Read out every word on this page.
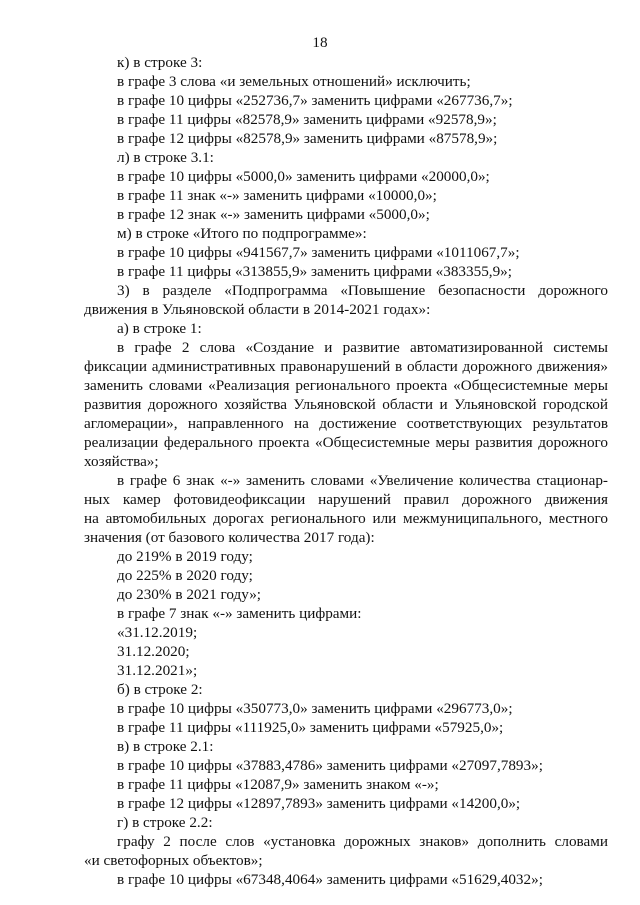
18
к) в строке 3:
в графе 3 слова «и земельных отношений» исключить;
в графе 10 цифры «252736,7» заменить цифрами «267736,7»;
в графе 11 цифры «82578,9» заменить цифрами «92578,9»;
в графе 12 цифры «82578,9» заменить цифрами «87578,9»;
л) в строке 3.1:
в графе 10 цифры «5000,0» заменить цифрами «20000,0»;
в графе 11 знак «-» заменить цифрами «10000,0»;
в графе 12 знак «-» заменить цифрами «5000,0»;
м) в строке «Итого по подпрограмме»:
в графе 10 цифры «941567,7» заменить цифрами «1011067,7»;
в графе 11 цифры «313855,9» заменить цифрами «383355,9»;
3) в разделе «Подпрограмма «Повышение безопасности дорожного
движения в Ульяновской области в 2014-2021 годах»:
а) в строке 1:
в графе 2 слова «Создание и развитие автоматизированной системы
фиксации административных правонарушений в области дорожного движения»
заменить словами «Реализация регионального проекта «Общесистемные меры
развития дорожного хозяйства Ульяновской области и Ульяновской городской
агломерации», направленного на достижение соответствующих результатов
реализации федерального проекта «Общесистемные меры развития дорожного
хозяйства»;
в графе 6 знак «-» заменить словами «Увеличение количества стационар-
ных камер фотовидеофиксации нарушений правил дорожного движения
на автомобильных дорогах регионального или межмуниципального, местного
значения (от базового количества 2017 года):
до 219% в 2019 году;
до 225% в 2020 году;
до 230% в 2021 году»;
в графе 7 знак «-» заменить цифрами:
«31.12.2019;
31.12.2020;
31.12.2021»;
б) в строке 2:
в графе 10 цифры «350773,0» заменить цифрами «296773,0»;
в графе 11 цифры «111925,0» заменить цифрами «57925,0»;
в) в строке 2.1:
в графе 10 цифры «37883,4786» заменить цифрами «27097,7893»;
в графе 11 цифры «12087,9» заменить знаком «-»;
в графе 12 цифры «12897,7893» заменить цифрами «14200,0»;
г) в строке 2.2:
графу 2 после слов «установка дорожных знаков» дополнить словами
«и светофорных объектов»;
в графе 10 цифры «67348,4064» заменить цифрами «51629,4032»;
